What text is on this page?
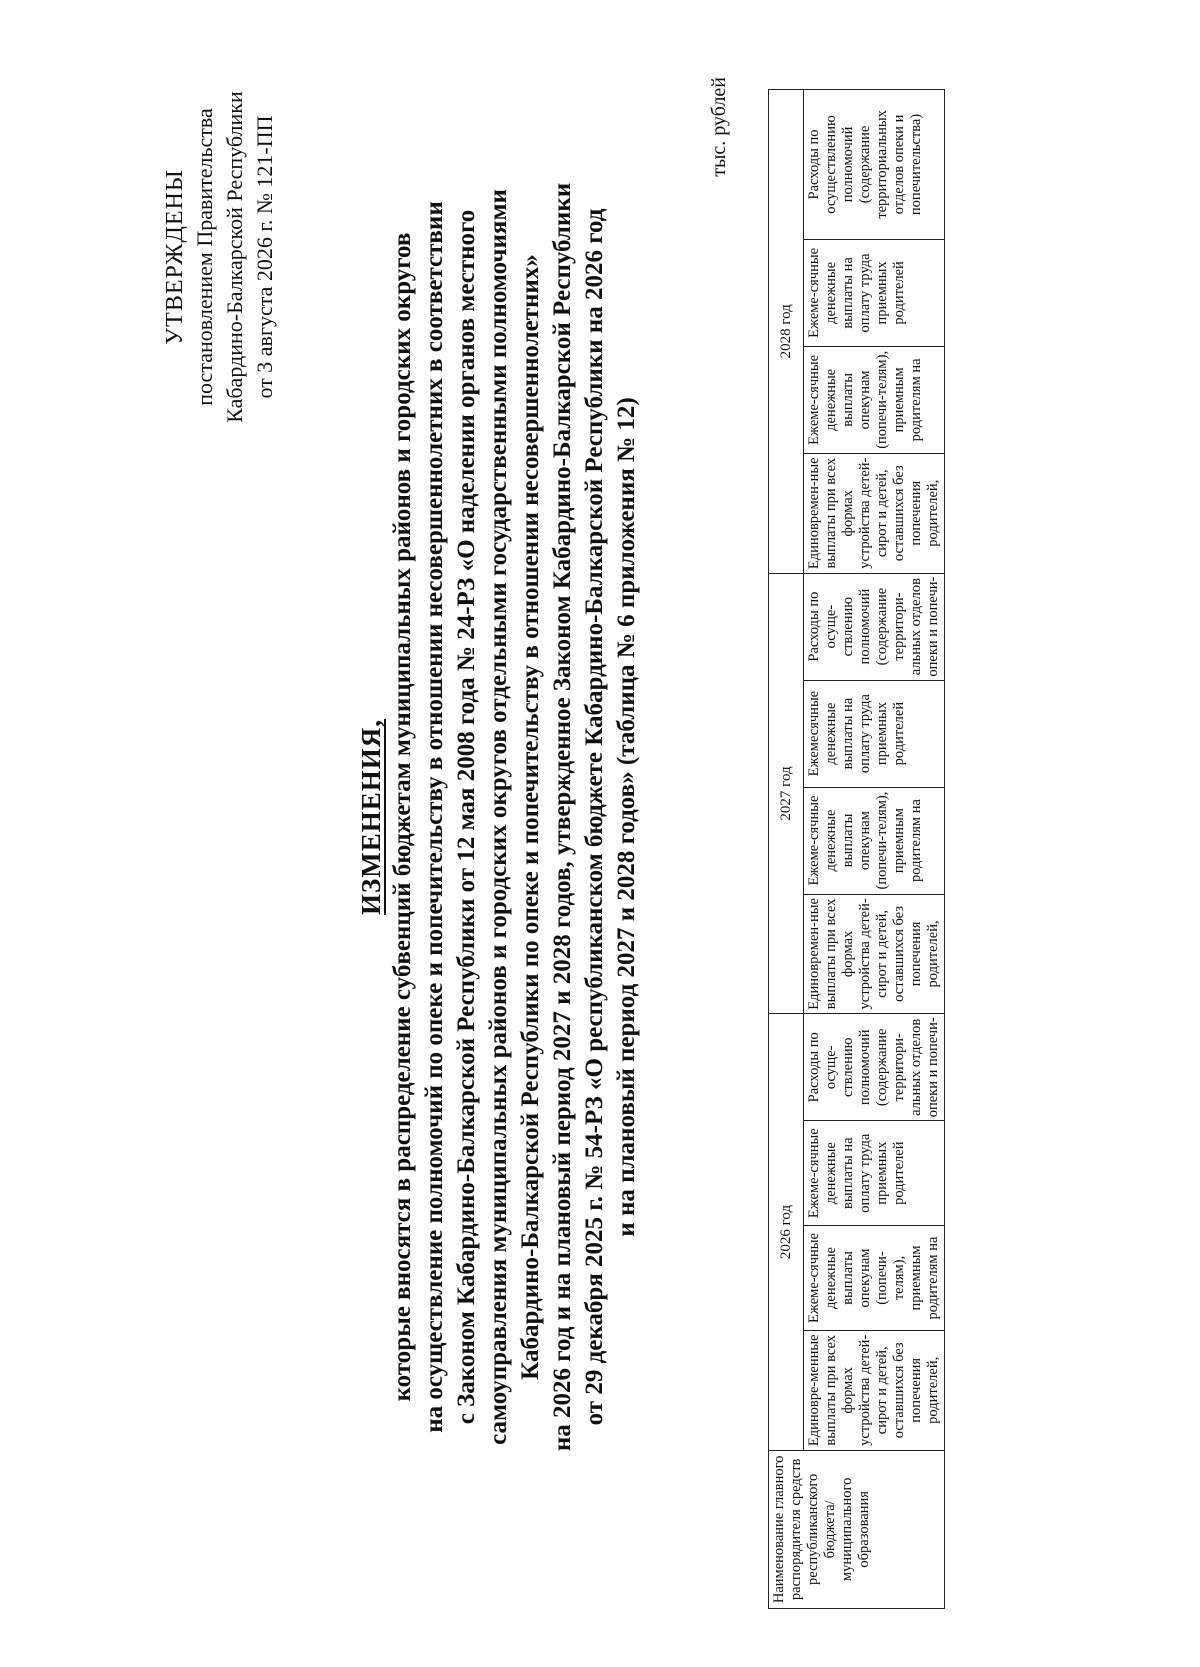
УТВЕРЖДЕНЫ постановлением Правительства Кабардино-Балкарской Республики от 3 августа 2026 г. № 121-ПП
ИЗМЕНЕНИЯ, которые вносятся в распределение субвенций бюджетам муниципальных районов и городских округов на осуществление полномочий по опеке и попечительству в отношении несовершеннолетних в соответствии с Законом Кабардино-Балкарской Республики от 12 мая 2008 года № 24-РЗ «О наделении органов местного самоуправления муниципальных районов и городских округов отдельными государственными полномочиями Кабардино-Балкарской Республики по опеке и попечительству в отношении несовершеннолетних» на 2026 год и на плановый период 2027 и 2028 годов, утвержденное Законом Кабардино-Балкарской Республики от 29 декабря 2025 г. № 54-РЗ «О республиканском бюджете Кабардино-Балкарской Республики на 2026 год и на плановый период 2027 и 2028 годов» (таблица № 6 приложения № 12)
тыс. рублей
Наименование главного распорядителя средств республиканского бюджета/ муниципального образования	2026 год				2027 год				2028 год			
	Единовре-менные выплаты при всех формах устройства детей-сирот и детей, оставшихся без попечения родителей,	Ежеме-сячные денежные выплаты опекунам (попечи-телям), приемным родителям на	Ежеме-сячные денежные выплаты на оплату труда приемных родителей	Расходы по осуще-ствлению полномочий (содержание территори-альных отделов опеки и попечи-	Единовремен-ные выплаты при всех формах устройства детей-сирот и детей, оставшихся без попечения родителей,	Ежеме-сячные денежные выплаты опекунам (попечи-телям), приемным родителям на	Ежемесячные денежные выплаты на оплату труда приемных родителей	Расходы по осуще-ствлению полномочий (содержание территори-альных отделов опеки и попечи-	Единовремен-ные выплаты при всех формах устройства детей-сирот и детей, оставшихся без попечения родителей,	Ежеме-сячные денежные выплаты опекунам (попечи-телям), приемным родителям на	Ежеме-сячные денежные выплаты на оплату труда приемных родителей	Расходы по осуществлению полномочий (содержание территориальных отделов опеки и попечительства)
